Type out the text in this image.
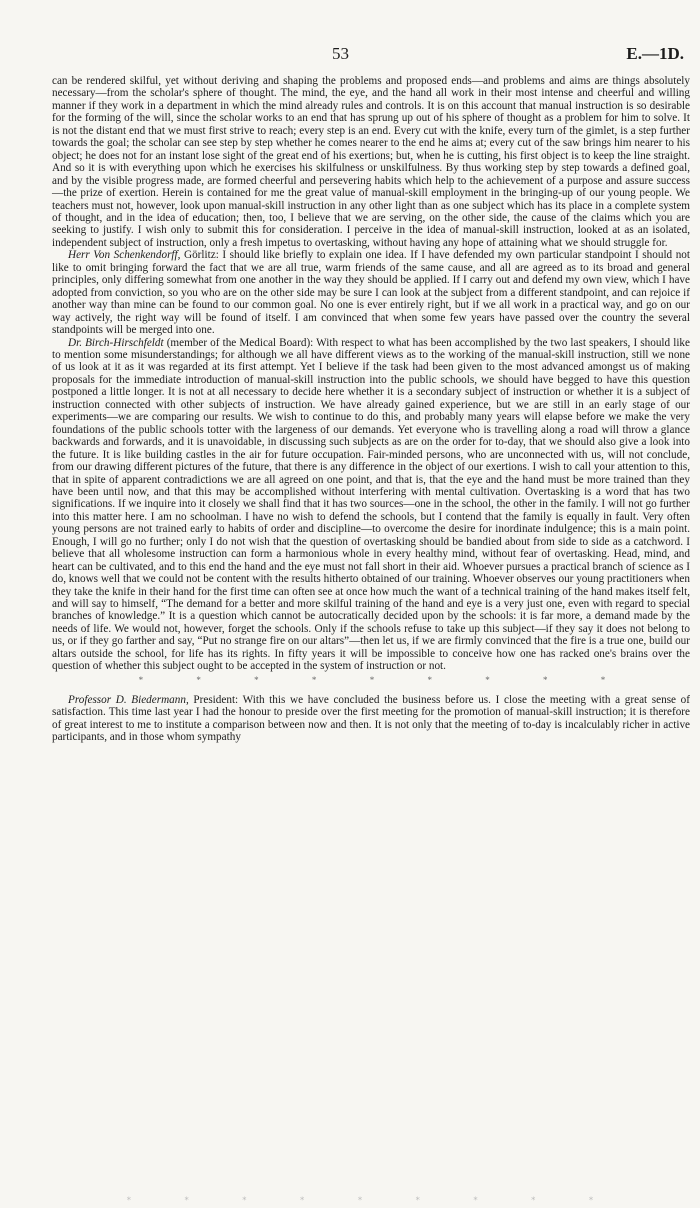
53	E.—1D.

can be rendered skilful, yet without deriving and shaping the problems and proposed ends—and problems and aims are things absolutely necessary—from the scholar's sphere of thought. The mind, the eye, and the hand all work in their most intense and cheerful and willing manner if they work in a department in which the mind already rules and controls. It is on this account that manual instruction is so desirable for the forming of the will, since the scholar works to an end that has sprung up out of his sphere of thought as a problem for him to solve. It is not the distant end that we must first strive to reach; every step is an end. Every cut with the knife, every turn of the gimlet, is a step further towards the goal; the scholar can see step by step whether he comes nearer to the end he aims at; every cut of the saw brings him nearer to his object; he does not for an instant lose sight of the great end of his exertions; but, when he is cutting, his first object is to keep the line straight. And so it is with everything upon which he exercises his skilfulness or unskilfulness. By thus working step by step towards a defined goal, and by the visible progress made, are formed cheerful and persevering habits which help to the achievement of a purpose and assure success—the prize of exertion. Herein is contained for me the great value of manual-skill employment in the bringing-up of our young people. We teachers must not, however, look upon manual-skill instruction in any other light than as one subject which has its place in a complete system of thought, and in the idea of education; then, too, I believe that we are serving, on the other side, the cause of the claims which you are seeking to justify. I wish only to submit this for consideration. I perceive in the idea of manual-skill instruction, looked at as an isolated, independent subject of instruction, only a fresh impetus to overtasking, without having any hope of attaining what we should struggle for.

Herr Von Schenkendorff, Görlitz: I should like briefly to explain one idea. If I have defended my own particular standpoint I should not like to omit bringing forward the fact that we are all true, warm friends of the same cause, and all are agreed as to its broad and general principles, only differing somewhat from one another in the way they should be applied. If I carry out and defend my own view, which I have adopted from conviction, so you who are on the other side may be sure I can look at the subject from a different standpoint, and can rejoice if another way than mine can be found to our common goal. No one is ever entirely right, but if we all work in a practical way, and go on our way actively, the right way will be found of itself. I am convinced that when some few years have passed over the country the several standpoints will be merged into one.

Dr. Birch-Hirschfeldt (member of the Medical Board): With respect to what has been accomplished by the two last speakers, I should like to mention some misunderstandings; for although we all have different views as to the working of the manual-skill instruction, still we none of us look at it as it was regarded at its first attempt. Yet I believe if the task had been given to the most advanced amongst us of making proposals for the immediate introduction of manual-skill instruction into the public schools, we should have begged to have this question postponed a little longer. It is not at all necessary to decide here whether it is a secondary subject of instruction or whether it is a subject of instruction connected with other subjects of instruction. We have already gained experience, but we are still in an early stage of our experiments—we are comparing our results. We wish to continue to do this, and probably many years will elapse before we make the very foundations of the public schools totter with the largeness of our demands. Yet everyone who is travelling along a road will throw a glance backwards and forwards, and it is unavoidable, in discussing such subjects as are on the order for to-day, that we should also give a look into the future. It is like building castles in the air for future occupation. Fair-minded persons, who are unconnected with us, will not conclude, from our drawing different pictures of the future, that there is any difference in the object of our exertions. I wish to call your attention to this, that in spite of apparent contradictions we are all agreed on one point, and that is, that the eye and the hand must be more trained than they have been until now, and that this may be accomplished without interfering with mental cultivation. Overtasking is a word that has two significations. If we inquire into it closely we shall find that it has two sources—one in the school, the other in the family. I will not go further into this matter here. I am no schoolman. I have no wish to defend the schools, but I contend that the family is equally in fault. Very often young persons are not trained early to habits of order and discipline—to overcome the desire for inordinate indulgence; this is a main point. Enough, I will go no further; only I do not wish that the question of overtasking should be bandied about from side to side as a catchword. I believe that all wholesome instruction can form a harmonious whole in every healthy mind, without fear of overtasking. Head, mind, and heart can be cultivated, and to this end the hand and the eye must not fall short in their aid. Whoever pursues a practical branch of science as I do, knows well that we could not be content with the results hitherto obtained of our training. Whoever observes our young practitioners when they take the knife in their hand for the first time can often see at once how much the want of a technical training of the hand makes itself felt, and will say to himself, “The demand for a better and more skilful training of the hand and eye is a very just one, even with regard to special branches of knowledge.” It is a question which cannot be autocratically decided upon by the schools: it is far more, a demand made by the needs of life. We would not, however, forget the schools. Only if the schools refuse to take up this subject—if they say it does not belong to us, or if they go farther and say, “Put no strange fire on our altars”—then let us, if we are firmly convinced that the fire is a true one, build our altars outside the school, for life has its rights. In fifty years it will be impossible to conceive how one has racked one's brains over the question of whether this subject ought to be accepted in the system of instruction or not.

*	*	*	*	*	*	*	*	*

Professor D. Biedermann, President: With this we have concluded the business before us. I close the meeting with a great sense of satisfaction. This time last year I had the honour to preside over the first meeting for the promotion of manual-skill instruction; it is therefore of great interest to me to institute a comparison between now and then. It is not only that the meeting of to-day is incalculably richer in active participants, and in those whom sympathy

*	*	*	*	*	*	*	*	*
